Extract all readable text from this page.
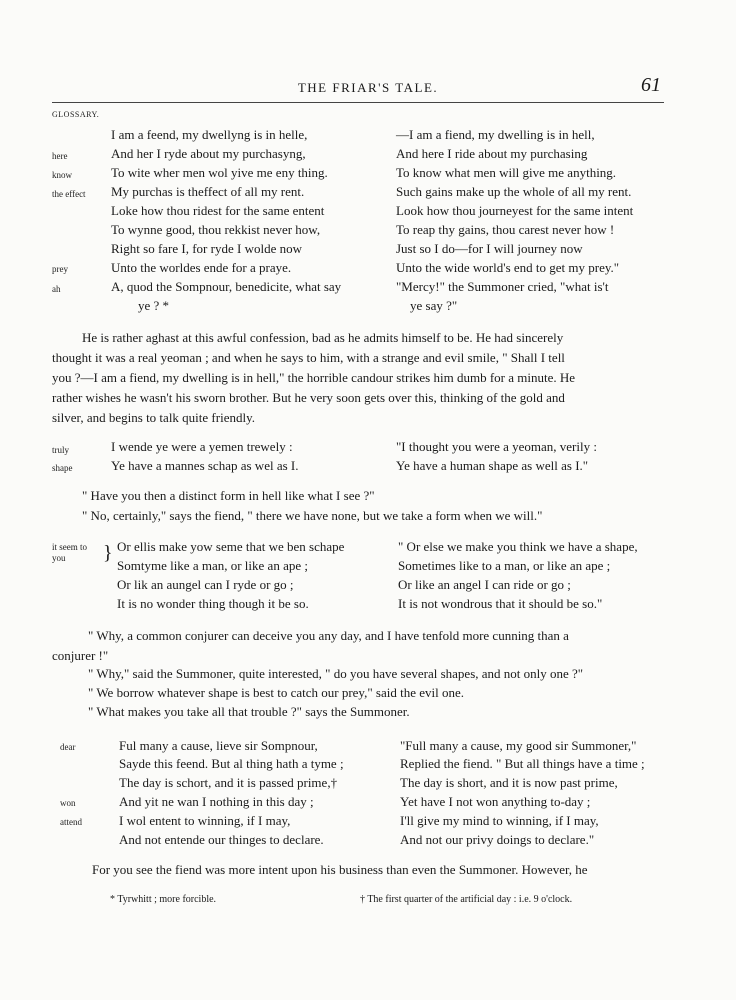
THE FRIAR'S TALE.	61
GLOSSARY.
here
know
the effect
prey
ah
I am a feend, my dwellyng is in helle,
And her I ryde about my purchasyng,
To wite wher men wol yive me eny thing.
My purchas is theffect of all my rent.
Loke how thou ridest for the same entent
To wynne good, thou rekkist never how,
Right so fare I, for ryde I wolde now
Unto the worldes ende for a praye.
A, quod the Sompnour, benedicite, what say
ye ? *
—I am a fiend, my dwelling is in hell,
And here I ride about my purchasing
To know what men will give me anything.
Such gains make up the whole of all my rent.
Look how thou journeyest for the same intent
To reap thy gains, thou carest never how !
Just so I do—for I will journey now
Unto the wide world's end to get my prey."
"Mercy!" the Summoner cried, "what is't
ye say ?"
He is rather aghast at this awful confession, bad as he admits himself to be. He had sincerely
thought it was a real yeoman ; and when he says to him, with a strange and evil smile, " Shall I tell
you ?—I am a fiend, my dwelling is in hell," the horrible candour strikes him dumb for a minute. He
rather wishes he wasn't his sworn brother. But he very soon gets over this, thinking of the gold and
silver, and begins to talk quite friendly.
truly
shape
I wende ye were a yemen trewely :
Ye have a mannes schap as wel as I.
"I thought you were a yeoman, verily :
Ye have a human shape as well as I."
" Have you then a distinct form in hell like what I see ?"
" No, certainly," says the fiend, " there we have none, but we take a form when we will."
it seem to
you } Or ellis make yow seme that we ben schape
Somtyme like a man, or like an ape ;
Or lik an aungel can I ryde or go ;
It is no wonder thing though it be so.
" Or else we make you think we have a shape,
Sometimes like to a man, or like an ape ;
Or like an angel I can ride or go ;
It is not wondrous that it should be so."
" Why, a common conjurer can deceive you any day, and I have tenfold more cunning than a
conjurer !"
" Why," said the Summoner, quite interested, " do you have several shapes, and not only one ?"
" We borrow whatever shape is best to catch our prey," said the evil one.
" What makes you take all that trouble ?" says the Summoner.
dear
won
attend
Ful many a cause, lieve sir Sompnour,
Sayde this feend. But al thing hath a tyme ;
The day is schort, and it is passed prime,†
And yit ne wan I nothing in this day ;
I wol entent to winning, if I may,
And not entende our thinges to declare.
"Full many a cause, my good sir Summoner,"
Replied the fiend. " But all things have a time ;
The day is short, and it is now past prime,
Yet have I not won anything to-day ;
I'll give my mind to winning, if I may,
And not our privy doings to declare."
For you see the fiend was more intent upon his business than even the Summoner. However, he
* Tyrwhitt ; more forcible.	† The first quarter of the artificial day : i.e. 9 o'clock.
